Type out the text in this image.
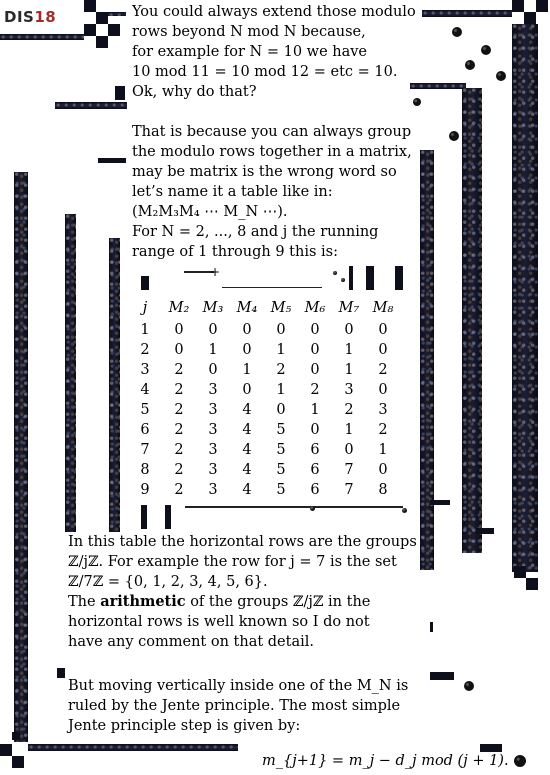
DIS18
+
You could always extend those modulo
rows beyond N mod N because,
for example for N = 10 we have
10 mod 11 = 10 mod 12 = etc = 10.
Ok, why do that?
That is because you can always group
the modulo rows together in a matrix,
may be matrix is the wrong word so
let’s name it a table like in:
(M₂M₃M₄ ⋯ M_N ⋯).
For N = 2, ..., 8 and j the running
range of 1 through 9 this is:
j	M₂ M₃ M₄ M₅ M₆ M₇ M₈
1	0	0	0	0	0	0	0
2	0	1	0	1	0	1	0
3	2	0	1	2	0	1	2
4	2	3	0	1	2	3	0
5	2	3	4	0	1	2	3
6	2	3	4	5	0	1	2
7	2	3	4	5	6	0	1
8	2	3	4	5	6	7	0
9	2	3	4	5	6	7	8
In this table the horizontal rows are the groups
ℤ/jℤ. For example the row for j = 7 is the set
ℤ/7ℤ = {0, 1, 2, 3, 4, 5, 6}.
The arithmetic of the groups ℤ/jℤ in the
horizontal rows is well known so I do not
have any comment on that detail.
But moving vertically inside one of the M_N is
ruled by the Jente principle. The most simple
Jente principle step is given by:
m_{j+1} = m_j − d_j mod (j + 1).
